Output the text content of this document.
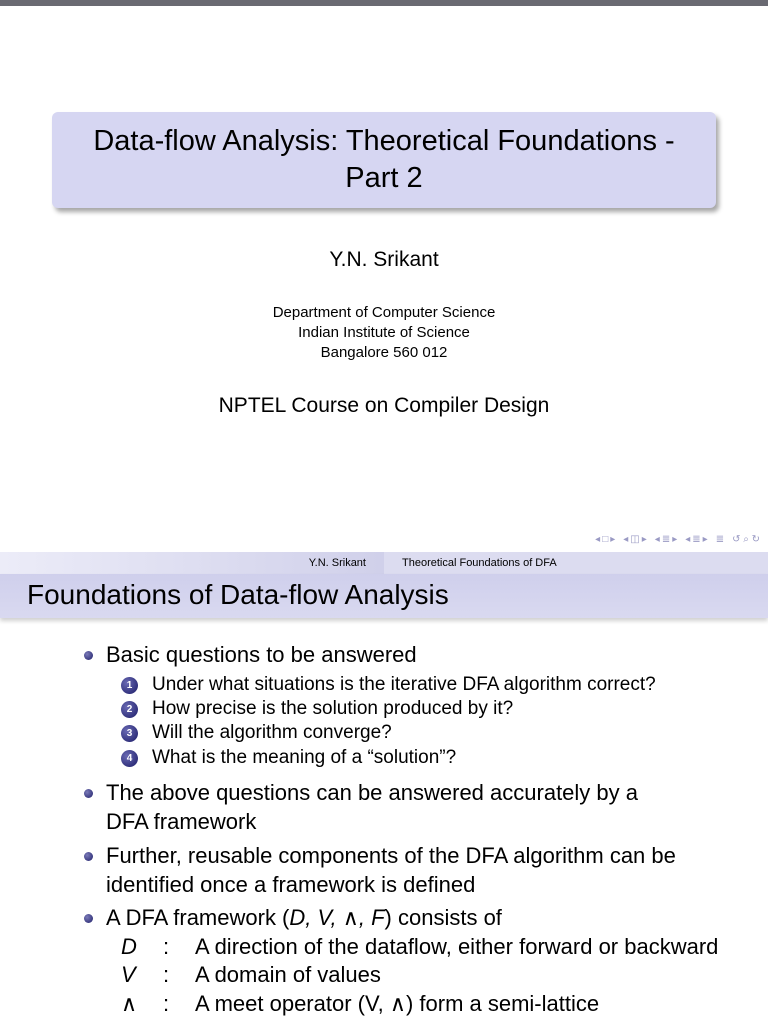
Data-flow Analysis: Theoretical Foundations -
Part 2
Y.N. Srikant
Department of Computer Science
Indian Institute of Science
Bangalore 560 012
NPTEL Course on Compiler Design
◂ □ ▸ ◂ ◫ ▸ ◂ ≣ ▸ ◂ ≣ ▸ ≣ ↺ ⌕ ↻
Y.N. Srikant	Theoretical Foundations of DFA
Foundations of Data-flow Analysis
Basic questions to be answered
1	Under what situations is the iterative DFA algorithm correct?
2	How precise is the solution produced by it?
3	Will the algorithm converge?
4	What is the meaning of a “solution”?
The above questions can be answered accurately by a
DFA framework
Further, reusable components of the DFA algorithm can be
identified once a framework is defined
A DFA framework (D, V, ∧, F) consists of
D : A direction of the dataflow, either forward or backward
V : A domain of values
∧ : A meet operator (V, ∧) form a semi-lattice
